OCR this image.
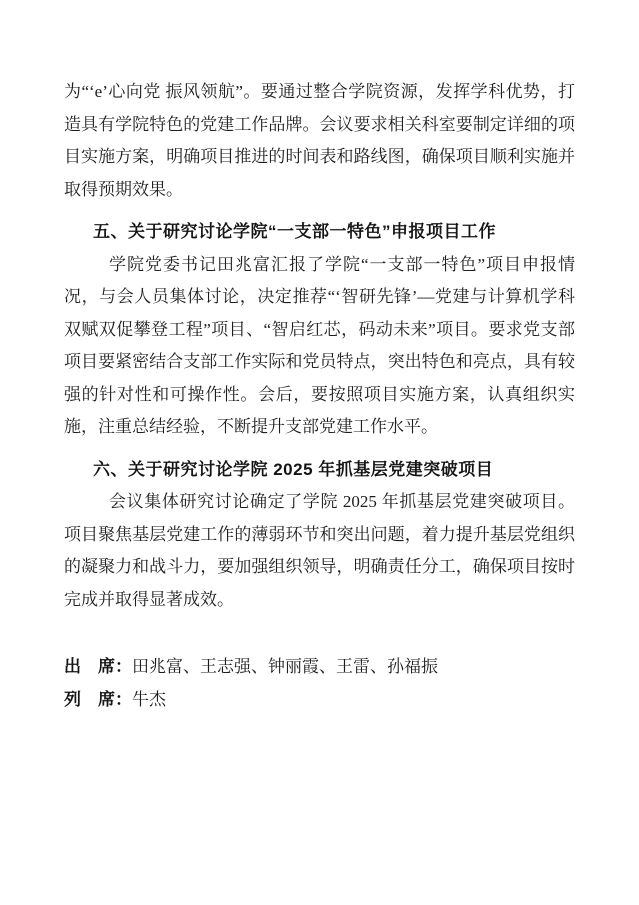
为“‘e’心向党 振风领航”。要通过整合学院资源，发挥学科优势，打造具有学院特色的党建工作品牌。会议要求相关科室要制定详细的项目实施方案，明确项目推进的时间表和路线图，确保项目顺利实施并取得预期效果。

五、关于研究讨论学院“一支部一特色”申报项目工作

学院党委书记田兆富汇报了学院“一支部一特色”项目申报情况，与会人员集体讨论，决定推荐“‘智研先锋’—党建与计算机学科双赋双促攀登工程”项目、“智启红芯，码动未来”项目。要求党支部项目要紧密结合支部工作实际和党员特点，突出特色和亮点，具有较强的针对性和可操作性。会后，要按照项目实施方案，认真组织实施，注重总结经验，不断提升支部党建工作水平。

六、关于研究讨论学院 2025 年抓基层党建突破项目

会议集体研究讨论确定了学院 2025 年抓基层党建突破项目。项目聚焦基层党建工作的薄弱环节和突出问题，着力提升基层党组织的凝聚力和战斗力，要加强组织领导，明确责任分工，确保项目按时完成并取得显著成效。

出　席：田兆富、王志强、钟丽霞、王雷、孙福振

列　席：牛杰
